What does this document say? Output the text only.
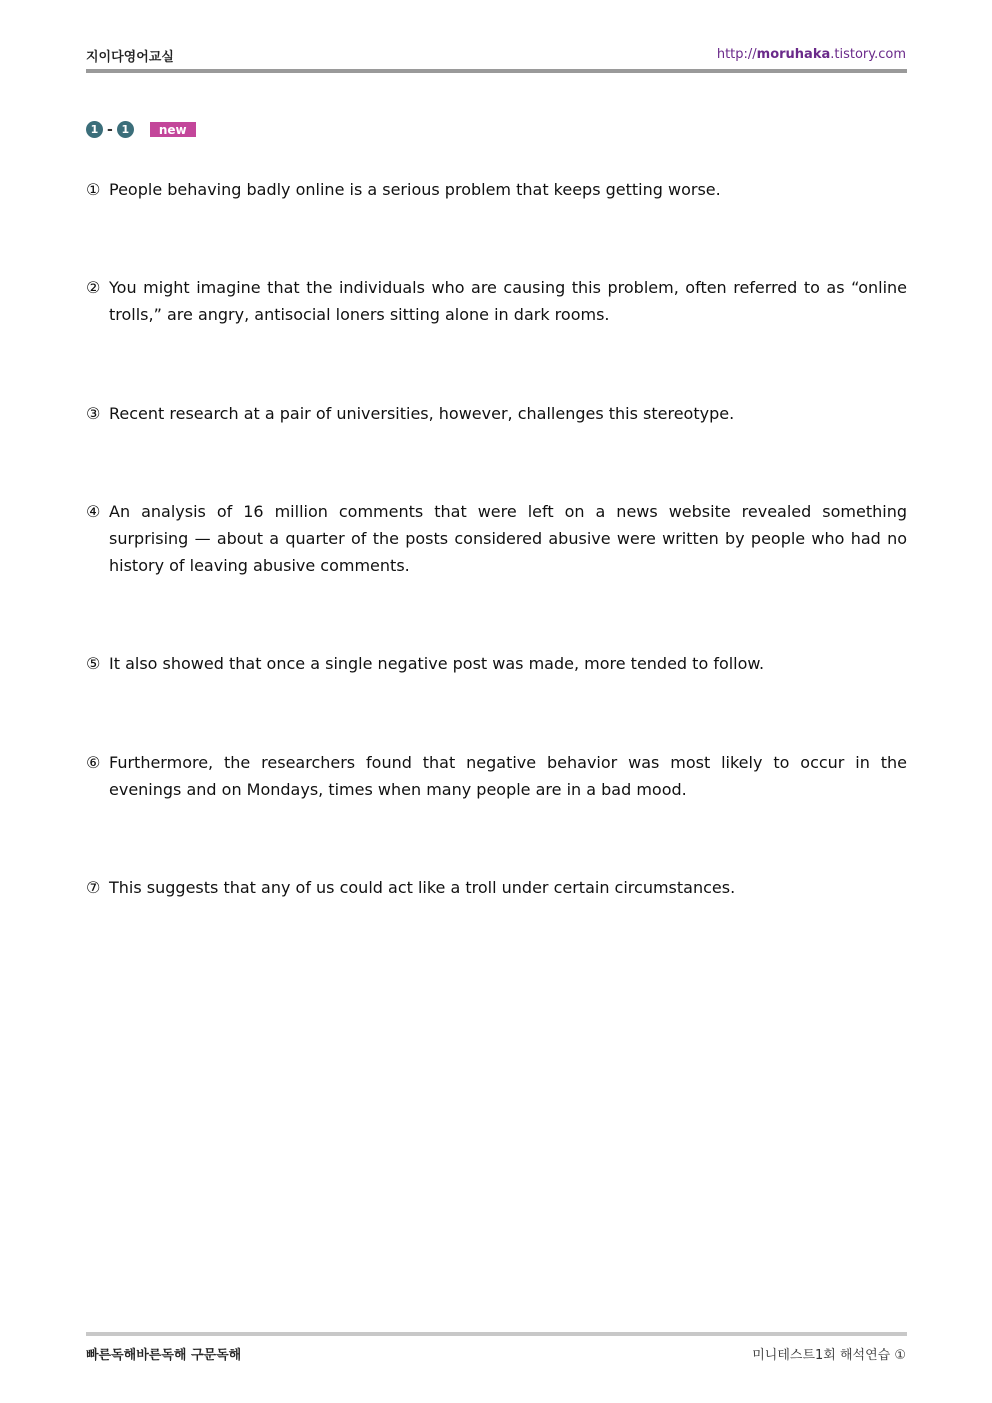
지이다영어교실	http://moruhaka.tistory.com
1 - 1	new
① People behaving badly online is a serious problem that keeps getting worse.
② You might imagine that the individuals who are causing this problem, often referred to as “online trolls,” are angry, antisocial loners sitting alone in dark rooms.
③ Recent research at a pair of universities, however, challenges this stereotype.
④ An analysis of 16 million comments that were left on a news website revealed something surprising — about a quarter of the posts considered abusive were written by people who had no history of leaving abusive comments.
⑤ It also showed that once a single negative post was made, more tended to follow.
⑥ Furthermore, the researchers found that negative behavior was most likely to occur in the evenings and on Mondays, times when many people are in a bad mood.
⑦ This suggests that any of us could act like a troll under certain circumstances.
빠른독해바른독해 구문독해	미니테스트1회 해석연습 ①
